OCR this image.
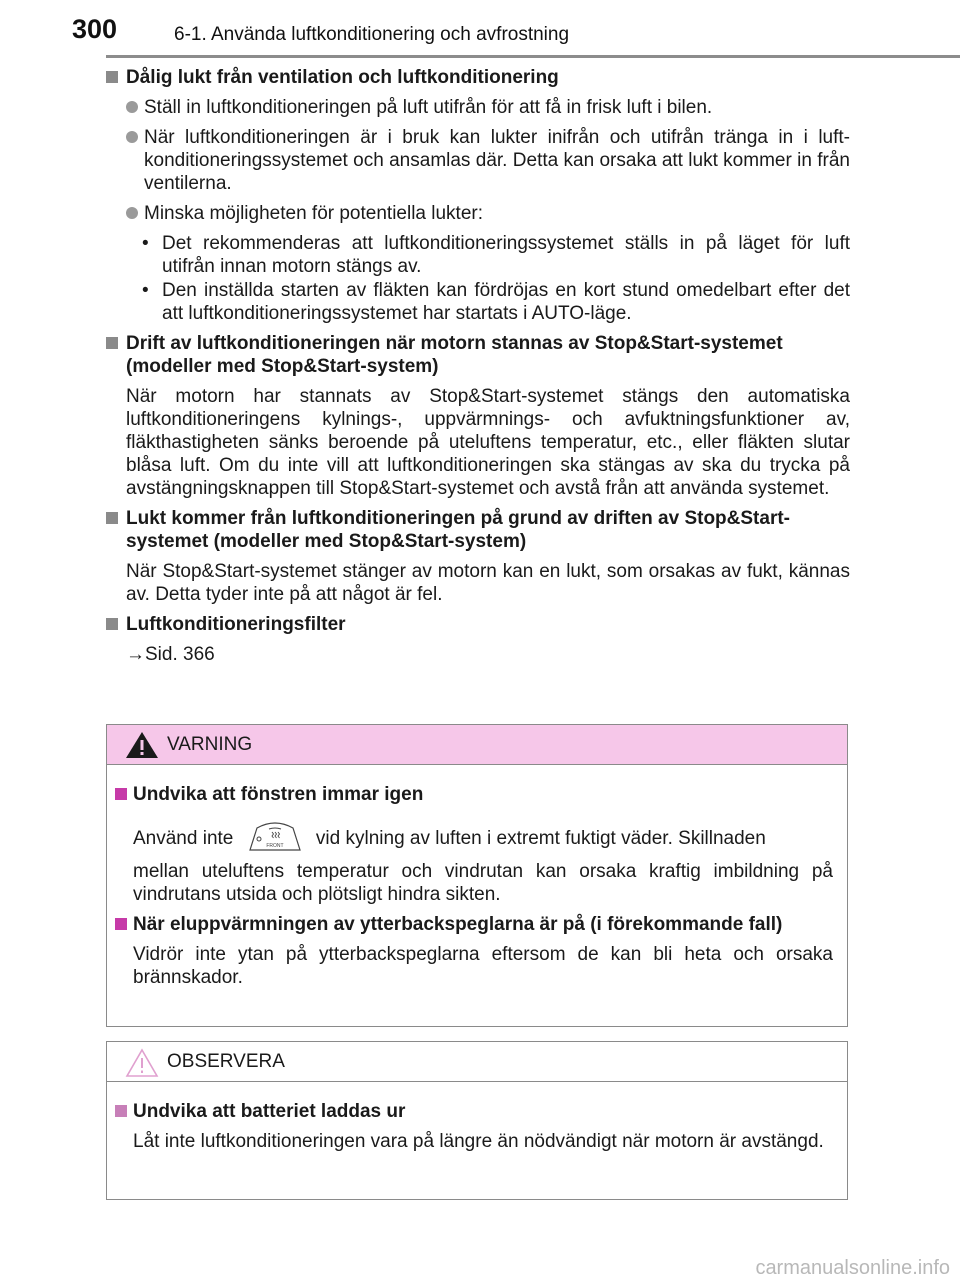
300	6-1. Använda luftkonditionering och avfrostning
Dålig lukt från ventilation och luftkonditionering
Ställ in luftkonditioneringen på luft utifrån för att få in frisk luft i bilen.
När luftkonditioneringen är i bruk kan lukter inifrån och utifrån tränga in i luft-konditioneringssystemet och ansamlas där. Detta kan orsaka att lukt kommer in från ventilerna.
Minska möjligheten för potentiella lukter:
• Det rekommenderas att luftkonditioneringssystemet ställs in på läget för luft utifrån innan motorn stängs av.
• Den inställda starten av fläkten kan fördröjas en kort stund omedelbart efter det att luftkonditioneringssystemet har startats i AUTO-läge.
Drift av luftkonditioneringen när motorn stannas av Stop&Start-systemet (modeller med Stop&Start-system)
När motorn har stannats av Stop&Start-systemet stängs den automatiska luftkonditioneringens kylnings-, uppvärmnings- och avfuktningsfunktioner av, fläkthastigheten sänks beroende på uteluftens temperatur, etc., eller fläkten slutar blåsa luft. Om du inte vill att luftkonditioneringen ska stängas av ska du trycka på avstängningsknappen till Stop&Start-systemet och avstå från att använda systemet.
Lukt kommer från luftkonditioneringen på grund av driften av Stop&Start-systemet (modeller med Stop&Start-system)
När Stop&Start-systemet stänger av motorn kan en lukt, som orsakas av fukt, kännas av. Detta tyder inte på att något är fel.
Luftkonditioneringsfilter
→Sid. 366
VARNING
Undvika att fönstren immar igen
Använd inte	FRONT vid kylning av luften i extremt fuktigt väder. Skillnaden
mellan uteluftens temperatur och vindrutan kan orsaka kraftig imbildning på vindrutans utsida och plötsligt hindra sikten.
När eluppvärmningen av ytterbackspeglarna är på (i förekommande fall)
Vidrör inte ytan på ytterbackspeglarna eftersom de kan bli heta och orsaka brännskador.
OBSERVERA
Undvika att batteriet laddas ur
Låt inte luftkonditioneringen vara på längre än nödvändigt när motorn är avstängd.
carmanualsonline.info
